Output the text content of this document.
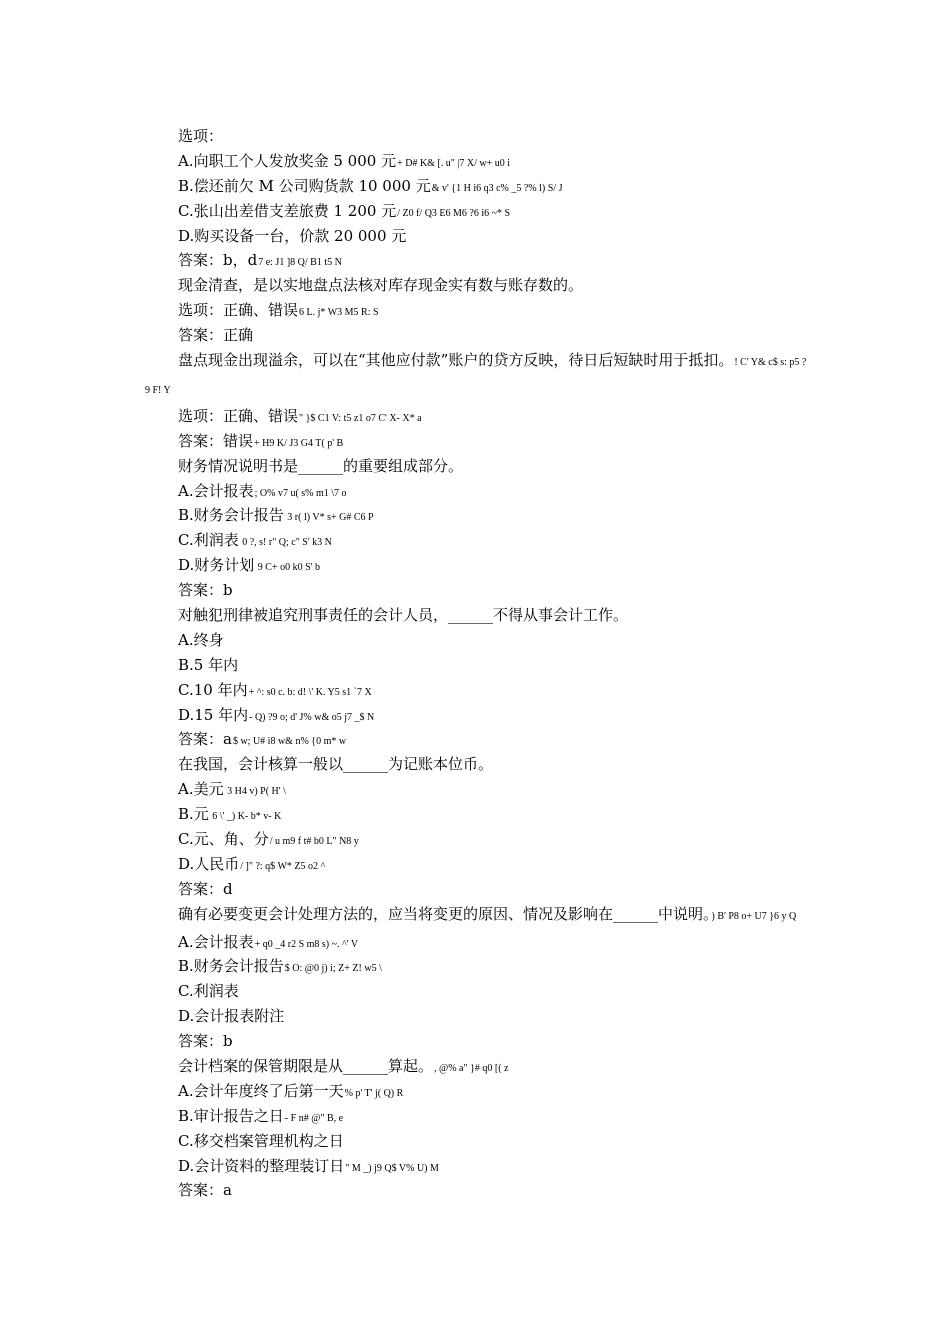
选项：
A.向职工个人发放奖金 5 000 元+ D# K& [. u" |7 X/ w+ u0 i
B.偿还前欠 M 公司购货款 10 000 元& v' {1 H i6 q3 c% _5 ?% l) S/ J
C.张山出差借支差旅费 1 200 元/ Z0 f/ Q3 E6 M6 ?6 i6 ~* S
D.购买设备一台，价款 20 000 元
答案：b，d7 e: J1 ]8 Q/ B1 t5 N
现金清查，是以实地盘点法核对库存现金实有数与账存数的。
选项：正确、错误6 L. j* W3 M5 R: S
答案：正确
盘点现金出现溢余，可以在“其他应付款”账户的贷方反映，待日后短缺时用于抵扣。! C' Y& c$ s: p5 ?9 F! Y
选项：正确、错误" }$ C1 V: t5 z1 o7 C' X- X* a
答案：错误+ H9 K/ J3 G4 T( p' B
财务情况说明书是______的重要组成部分。
A.会计报表; O% v7 u( s% m1 \7 o
B.财务会计报告 3 r( l) V* s+ G# C6 P
C.利润表 0 ?, s! r" Q; c" S' k3 N
D.财务计划 9 C+ o0 k0 S' b
答案：b
对触犯刑律被追究刑事责任的会计人员，______不得从事会计工作。
A.终身
B.5 年内
C.10 年内+ ^: s0 c. b: d! \' K. Y5 s1 `7 X
D.15 年内- Q) ?9 o; d' J% w& o5 j7 _$ N
答案：a$ w; U# i8 w& n% {0 m* w
在我国，会计核算一般以______为记账本位币。
A.美元 3 H4 v) P( H' \
B.元 6 \' _) K- b* v- K
C.元、角、分/ u m9 f t# b0 L" N8 y
D.人民币/ ]" ?: q$ W* Z5 o2 ^
答案：d
确有必要变更会计处理方法的，应当将变更的原因、情况及影响在______中说明。) B' P8 o+ U7 }6 y Q
A.会计报表+ q0 _4 r2 S m8 s) ~. ^' V
B.财务会计报告$ O: @0 j) i; Z+ Z! w5 \
C.利润表
D.会计报表附注
答案：b
会计档案的保管期限是从______算起。, @% a" }# q0 [( z
A.会计年度终了后第一天% p' T' j( Q) R
B.审计报告之日- F n# @" B, e
C.移交档案管理机构之日
D.会计资料的整理装订日" M _) j9 Q$ V% U) M
答案：a
